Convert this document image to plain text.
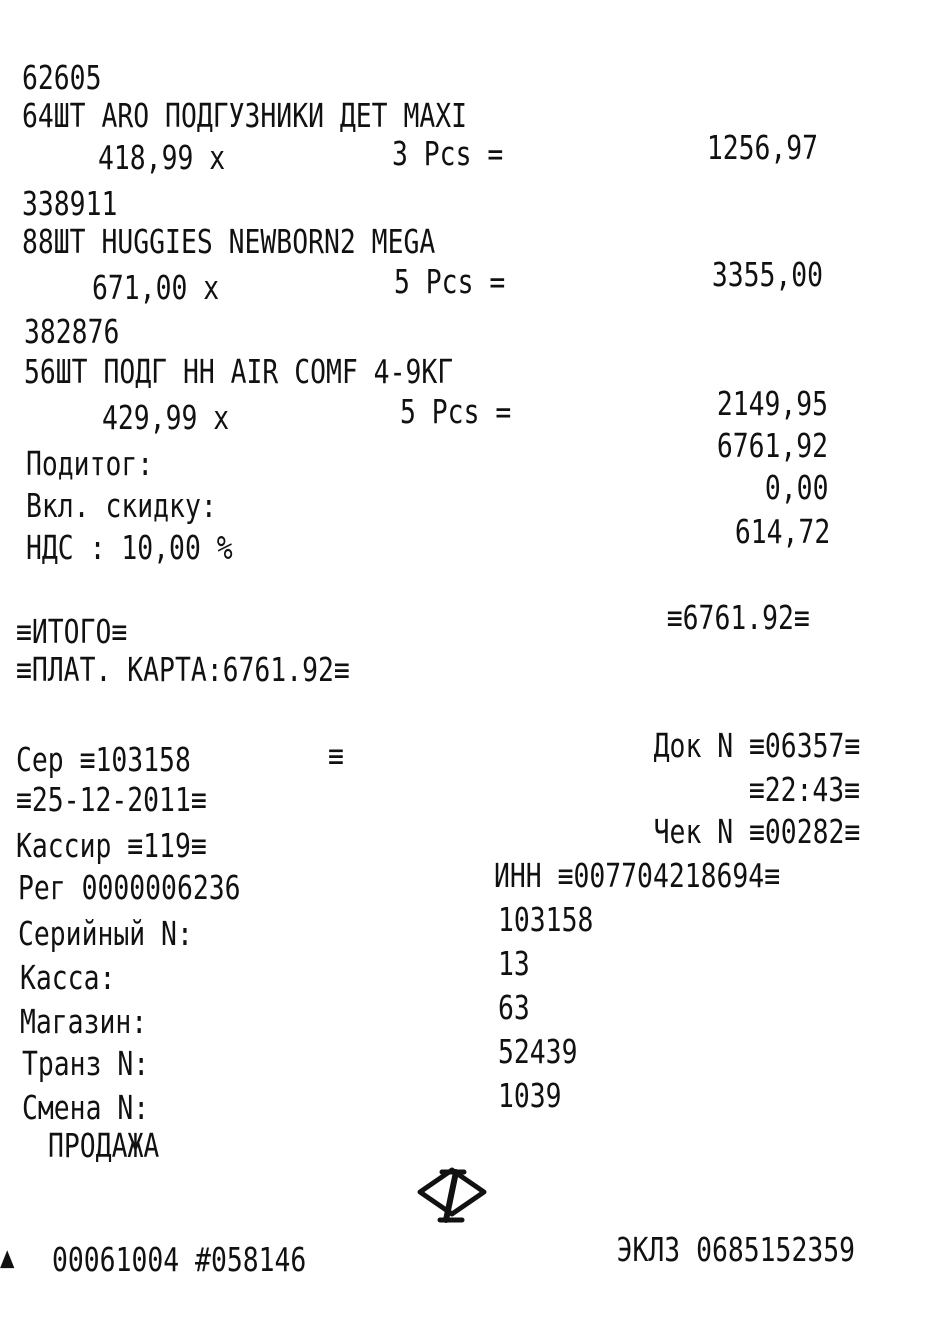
62605
64ШТ ARO ПОДГУЗНИКИ ДЕТ MAXI
418,99 x	3 Pcs =	1256,97
338911
88ШТ HUGGIES NEWBORN2 MEGA
671,00 x	5 Pcs =	3355,00
382876
56ШТ ПОДГ HH AIR COMF 4-9КГ
429,99 x	5 Pcs =	2149,95
Подитог:	6761,92
Вкл. скидку:	0,00
НДС : 10,00 %	614,72
≡ИТОГО≡	≡6761.92≡
≡ПЛАТ. КАРТА:6761.92≡
Сер ≡103158	≡	Док N ≡06357≡
≡25-12-2011≡	≡22:43≡
Кассир ≡119≡	Чек N ≡00282≡
Рег 0000006236	ИНН ≡007704218694≡
Серийный N:	103158
Касса:	13
Магазин:	63
Транз N:	52439
Смена N:	1039
ПРОДАЖА
▲ 00061004 #058146	ЭКЛЗ 0685152359
